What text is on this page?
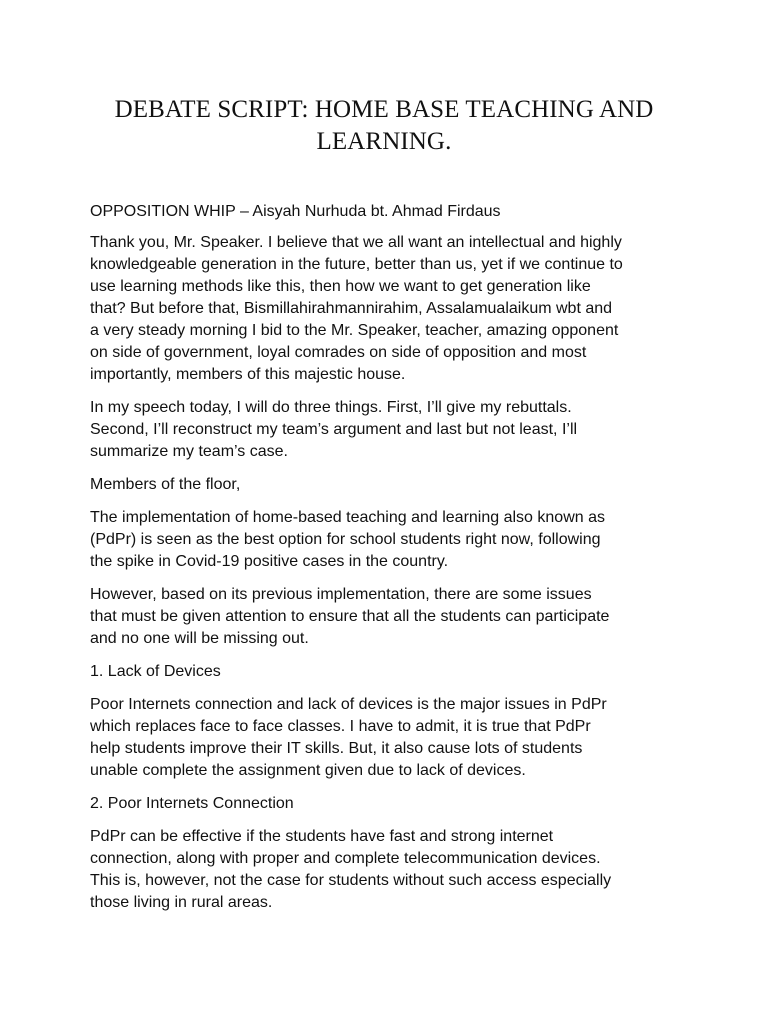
DEBATE SCRIPT: HOME BASE TEACHING AND
LEARNING.

OPPOSITION WHIP – Aisyah Nurhuda bt. Ahmad Firdaus

Thank you, Mr. Speaker. I believe that we all want an intellectual and highly
knowledgeable generation in the future, better than us, yet if we continue to
use learning methods like this, then how we want to get generation like
that? But before that, Bismillahirahmannirahim, Assalamualaikum wbt and
a very steady morning I bid to the Mr. Speaker, teacher, amazing opponent
on side of government, loyal comrades on side of opposition and most
importantly, members of this majestic house.

In my speech today, I will do three things. First, I’ll give my rebuttals.
Second, I’ll reconstruct my team’s argument and last but not least, I’ll
summarize my team’s case.

Members of the floor,

The implementation of home-based teaching and learning also known as
(PdPr) is seen as the best option for school students right now, following
the spike in Covid-19 positive cases in the country.

However, based on its previous implementation, there are some issues
that must be given attention to ensure that all the students can participate
and no one will be missing out.

1. Lack of Devices

Poor Internets connection and lack of devices is the major issues in PdPr
which replaces face to face classes. I have to admit, it is true that PdPr
help students improve their IT skills. But, it also cause lots of students
unable complete the assignment given due to lack of devices.

2. Poor Internets Connection

PdPr can be effective if the students have fast and strong internet
connection, along with proper and complete telecommunication devices.
This is, however, not the case for students without such access especially
those living in rural areas.
